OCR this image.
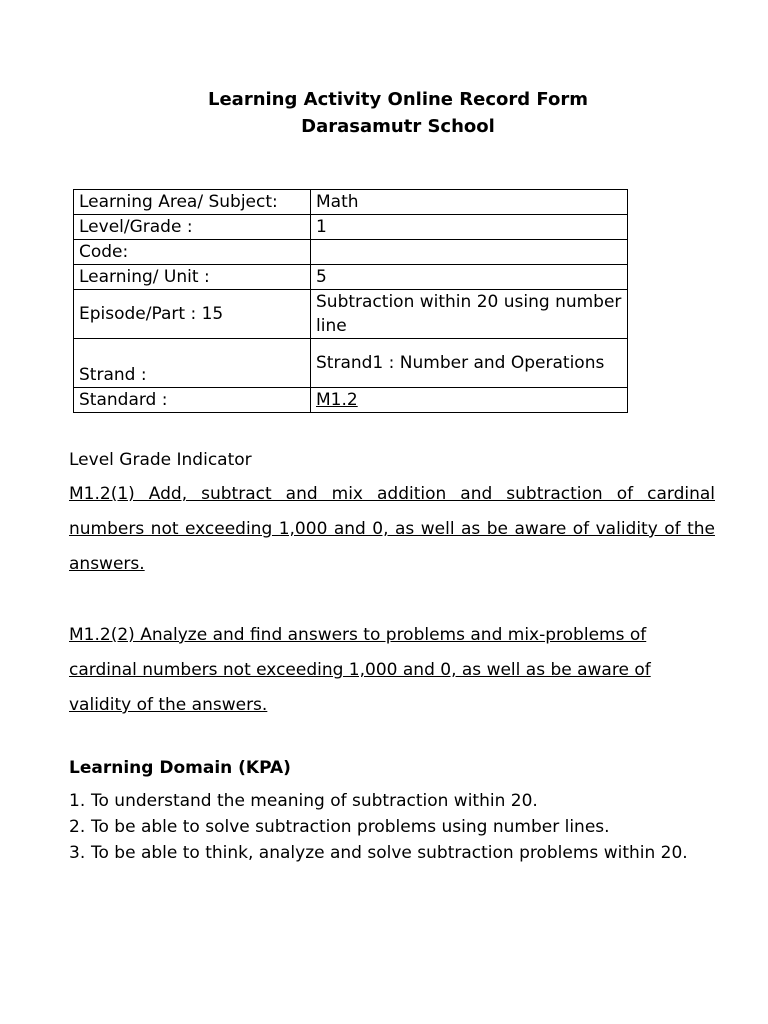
Learning Activity Online Record Form
Darasamutr School
Learning Area/ Subject:	Math
Level/Grade :	1
Code:	
Learning/ Unit :	5
Episode/Part : 15	Subtraction within 20 using number line
Strand :	Strand1 : Number and Operations
Standard :	M1.2
Level Grade Indicator
M1.2(1) Add, subtract and mix addition and subtraction of cardinal numbers not exceeding 1,000 and 0, as well as be aware of validity of the answers.
M1.2(2) Analyze and find answers to problems and mix-problems of cardinal numbers not exceeding 1,000 and 0, as well as be aware of validity of the answers.
Learning Domain (KPA)
1. To understand the meaning of subtraction within 20.
2. To be able to solve subtraction problems using number lines.
3. To be able to think, analyze and solve subtraction problems within 20.
